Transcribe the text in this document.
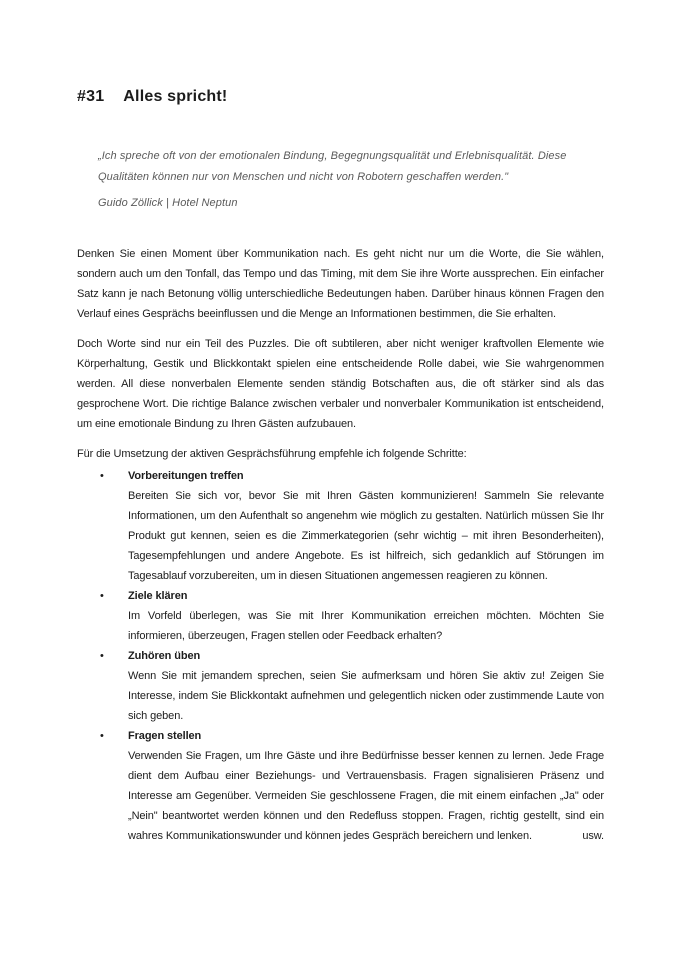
#31 Alles spricht!

„Ich spreche oft von der emotionalen Bindung, Begegnungsqualität und Erlebnisqualität. Diese Qualitäten können nur von Menschen und nicht von Robotern geschaffen werden."

Guido Zöllick | Hotel Neptun

Denken Sie einen Moment über Kommunikation nach. Es geht nicht nur um die Worte, die Sie wählen, sondern auch um den Tonfall, das Tempo und das Timing, mit dem Sie ihre Worte aussprechen. Ein einfacher Satz kann je nach Betonung völlig unterschiedliche Bedeutungen haben. Darüber hinaus können Fragen den Verlauf eines Gesprächs beeinflussen und die Menge an Informationen bestimmen, die Sie erhalten.

Doch Worte sind nur ein Teil des Puzzles. Die oft subtileren, aber nicht weniger kraftvollen Elemente wie Körperhaltung, Gestik und Blickkontakt spielen eine entscheidende Rolle dabei, wie Sie wahrgenommen werden. All diese nonverbalen Elemente senden ständig Botschaften aus, die oft stärker sind als das gesprochene Wort. Die richtige Balance zwischen verbaler und nonverbaler Kommunikation ist entscheidend, um eine emotionale Bindung zu Ihren Gästen aufzubauen.

Für die Umsetzung der aktiven Gesprächsführung empfehle ich folgende Schritte:

•	Vorbereitungen treffen
Bereiten Sie sich vor, bevor Sie mit Ihren Gästen kommunizieren! Sammeln Sie relevante Informationen, um den Aufenthalt so angenehm wie möglich zu gestalten. Natürlich müssen Sie Ihr Produkt gut kennen, seien es die Zimmerkategorien (sehr wichtig – mit ihren Besonderheiten), Tagesempfehlungen und andere Angebote. Es ist hilfreich, sich gedanklich auf Störungen im Tagesablauf vorzubereiten, um in diesen Situationen angemessen reagieren zu können.
•	Ziele klären
Im Vorfeld überlegen, was Sie mit Ihrer Kommunikation erreichen möchten. Möchten Sie informieren, überzeugen, Fragen stellen oder Feedback erhalten?
•	Zuhören üben
Wenn Sie mit jemandem sprechen, seien Sie aufmerksam und hören Sie aktiv zu! Zeigen Sie Interesse, indem Sie Blickkontakt aufnehmen und gelegentlich nicken oder zustimmende Laute von sich geben.
•	Fragen stellen
Verwenden Sie Fragen, um Ihre Gäste und ihre Bedürfnisse besser kennen zu lernen. Jede Frage dient dem Aufbau einer Beziehungs- und Vertrauensbasis. Fragen signalisieren Präsenz und Interesse am Gegenüber. Vermeiden Sie geschlossene Fragen, die mit einem einfachen „Ja" oder „Nein" beantwortet werden können und den Redefluss stoppen. Fragen, richtig gestellt, sind ein wahres Kommunikationswunder und können jedes Gespräch bereichern und lenken.	usw.
